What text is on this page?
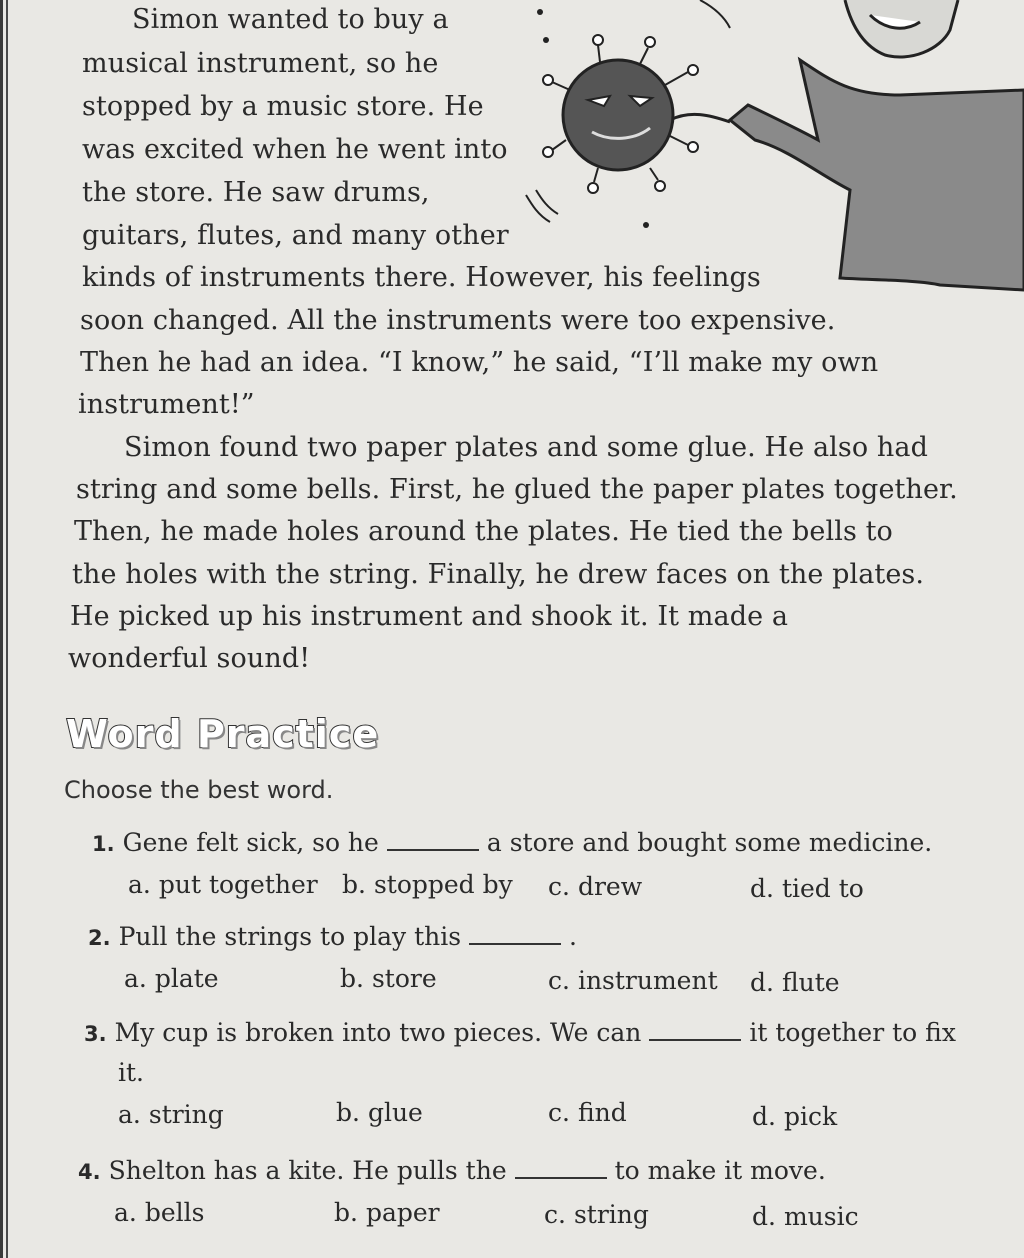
Simon wanted to buy a
musical instrument, so he
stopped by a music store. He
was excited when he went into
the store. He saw drums,
guitars, flutes, and many other
kinds of instruments there. However, his feelings
soon changed. All the instruments were too expensive.
Then he had an idea. “I know,” he said, “I’ll make my own
instrument!”
Simon found two paper plates and some glue. He also had
string and some bells. First, he glued the paper plates together.
Then, he made holes around the plates. He tied the bells to
the holes with the string. Finally, he drew faces on the plates.
He picked up his instrument and shook it. It made a
wonderful sound!
Word Practice
Choose the best word.
1. Gene felt sick, so he	a store and bought some medicine.
a. put together b. stopped by c. drew	d. tied to
2. Pull the strings to play this	.
a. plate	b. store	c. instrument d. flute
3. My cup is broken into two pieces. We can	it together to fix
it.
a. string	b. glue	c. find	d. pick
4. Shelton has a kite. He pulls the	to make it move.
a. bells	b. paper	c. string	d. music
